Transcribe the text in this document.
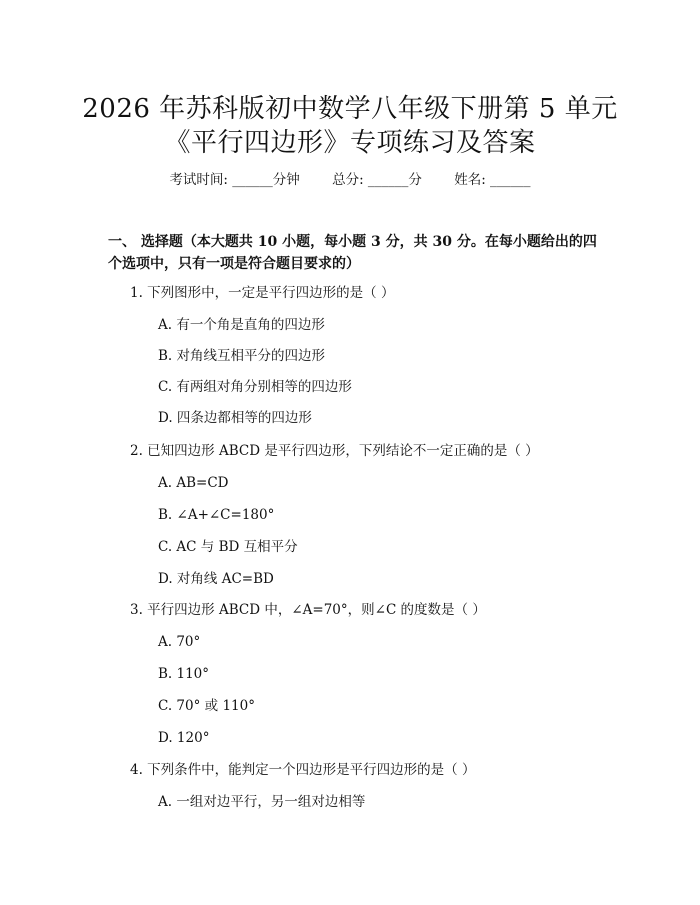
2026 年苏科版初中数学八年级下册第 5 单元
《平行四边形》专项练习及答案
考试时间: ______分钟 总分: ______分 姓名: ______
一、 选择题（本大题共 10 小题，每小题 3 分，共 30 分。在每小题给出的四个选项中，只有一项是符合题目要求的）
1. 下列图形中，一定是平行四边形的是（ ）
A. 有一个角是直角的四边形
B. 对角线互相平分的四边形
C. 有两组对角分别相等的四边形
D. 四条边都相等的四边形
2. 已知四边形 ABCD 是平行四边形，下列结论不一定正确的是（ ）
A. AB=CD
B. ∠A+∠C=180°
C. AC 与 BD 互相平分
D. 对角线 AC=BD
3. 平行四边形 ABCD 中，∠A=70°，则∠C 的度数是（ ）
A. 70°
B. 110°
C. 70° 或 110°
D. 120°
4. 下列条件中，能判定一个四边形是平行四边形的是（ ）
A. 一组对边平行，另一组对边相等
